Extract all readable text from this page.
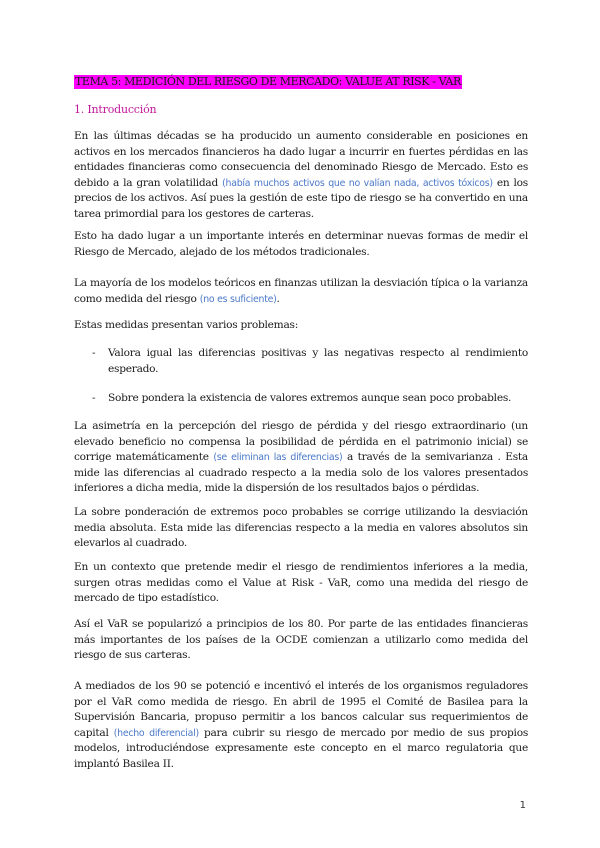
TEMA 5: MEDICIÓN DEL RIESGO DE MERCADO: VALUE AT RISK - VAR
1. Introducción

En las últimas décadas se ha producido un aumento considerable en posiciones en activos en los mercados financieros ha dado lugar a incurrir en fuertes pérdidas en las entidades financieras como consecuencia del denominado Riesgo de Mercado. Esto es debido a la gran volatilidad (había muchos activos que no valían nada, activos tóxicos) en los precios de los activos. Así pues la gestión de este tipo de riesgo se ha convertido en una tarea primordial para los gestores de carteras.

Esto ha dado lugar a un importante interés en determinar nuevas formas de medir el Riesgo de Mercado, alejado de los métodos tradicionales.

La mayoría de los modelos teóricos en finanzas utilizan la desviación típica o la varianza como medida del riesgo (no es suficiente).

Estas medidas presentan varios problemas:

- Valora igual las diferencias positivas y las negativas respecto al rendimiento esperado.
- Sobre pondera la existencia de valores extremos aunque sean poco probables.

La asimetría en la percepción del riesgo de pérdida y del riesgo extraordinario (un elevado beneficio no compensa la posibilidad de pérdida en el patrimonio inicial) se corrige matemáticamente (se eliminan las diferencias) a través de la semivarianza . Esta mide las diferencias al cuadrado respecto a la media solo de los valores presentados inferiores a dicha media, mide la dispersión de los resultados bajos o pérdidas.

La sobre ponderación de extremos poco probables se corrige utilizando la desviación media absoluta. Esta mide las diferencias respecto a la media en valores absolutos sin elevarlos al cuadrado.

En un contexto que pretende medir el riesgo de rendimientos inferiores a la media, surgen otras medidas como el Value at Risk - VaR, como una medida del riesgo de mercado de tipo estadístico.

Así el VaR se popularizó a principios de los 80. Por parte de las entidades financieras más importantes de los países de la OCDE comienzan a utilizarlo como medida del riesgo de sus carteras.

A mediados de los 90 se potenció e incentivó el interés de los organismos reguladores por el VaR como medida de riesgo. En abril de 1995 el Comité de Basilea para la Supervisión Bancaria, propuso permitir a los bancos calcular sus requerimientos de capital (hecho diferencial) para cubrir su riesgo de mercado por medio de sus propios modelos, introduciéndose expresamente este concepto en el marco regulatoria que implantó Basilea II.

1
